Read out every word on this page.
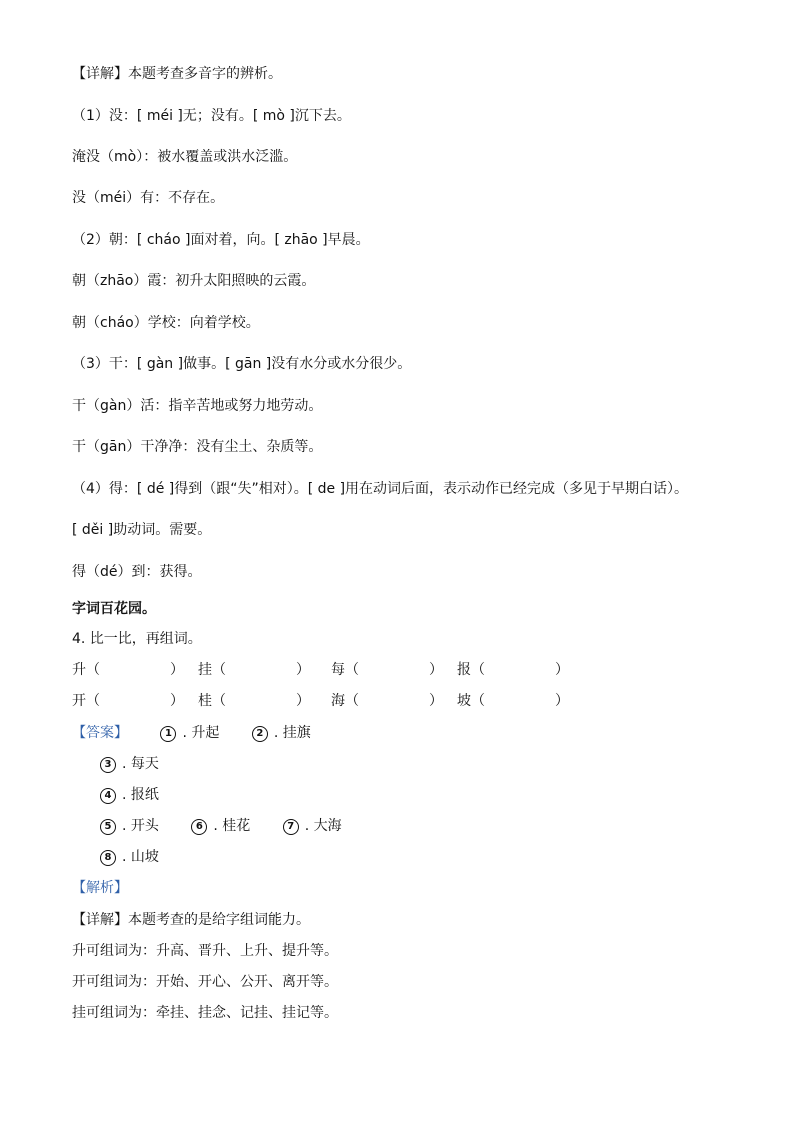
【详解】本题考查多音字的辨析。
（1）没：[ méi ]无；没有。[ mò ]沉下去。
淹没（mò）：被水覆盖或洪水泛滥。
没（méi）有：不存在。
（2）朝：[ cháo ]面对着，向。[ zhāo ]早晨。
朝（zhāo）霞：初升太阳照映的云霞。
朝（cháo）学校：向着学校。
（3）干：[ gàn ]做事。[ gān ]没有水分或水分很少。
干（gàn）活：指辛苦地或努力地劳动。
干（gān）干净净：没有尘土、杂质等。
（4）得：[ dé ]得到（跟“失”相对）。[ de ]用在动词后面，表示动作已经完成（多见于早期白话）。
[ děi ]助动词。需要。
得（dé）到：获得。
字词百花园。
4. 比一比，再组词。
升（	） 挂（	） 每（	） 报（	）
开（	） 桂（	） 海（	） 坡（	）
【答案】	1 . 升起	2 . 挂旗
3 . 每天
4 . 报纸
5 . 开头	6 . 桂花	7 . 大海
8 . 山坡
【解析】
【详解】本题考查的是给字组词能力。
升可组词为：升高、晋升、上升、提升等。
开可组词为：开始、开心、公开、离开等。
挂可组词为：牵挂、挂念、记挂、挂记等。
